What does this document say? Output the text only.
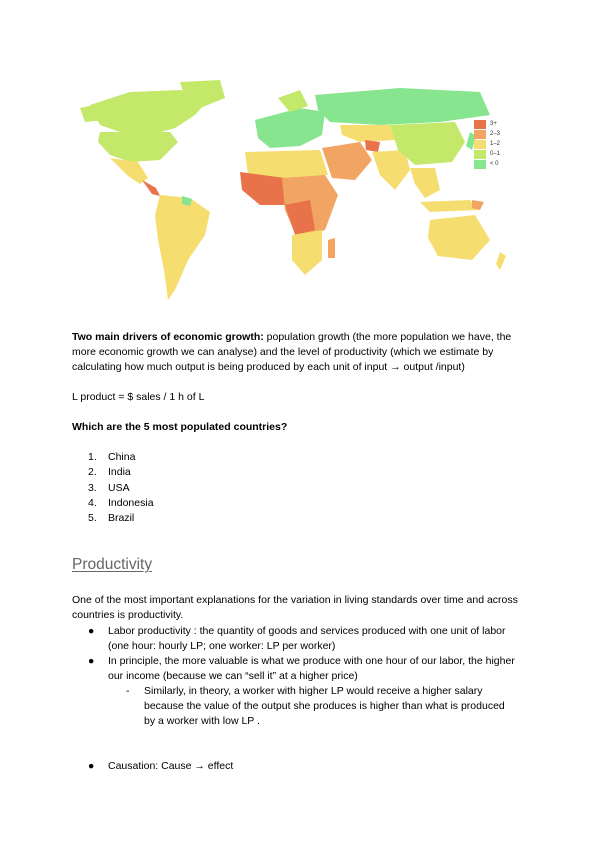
3+
2–3
1–2
0–1
< 0
Two main drivers of economic growth: population growth (the more population we have, the more economic growth we can analyse) and the level of productivity (which we estimate by calculating how much output is being produced by each unit of input → output /input)
L product = $ sales / 1 h of L
Which are the 5 most populated countries?
1.	China
2.	India
3.	USA
4.	Indonesia
5.	Brazil
Productivity
One of the most important explanations for the variation in living standards over time and across countries is productivity.
● Labor productivity : the quantity of goods and services produced with one unit of labor (one hour: hourly LP; one worker: LP per worker)
● In principle, the more valuable is what we produce with one hour of our labor, the higher our income (because we can “sell it” at a higher price)
- Similarly, in theory, a worker with higher LP would receive a higher salary because the value of the output she produces is higher than what is produced by a worker with low LP .
● Causation: Cause → effect
